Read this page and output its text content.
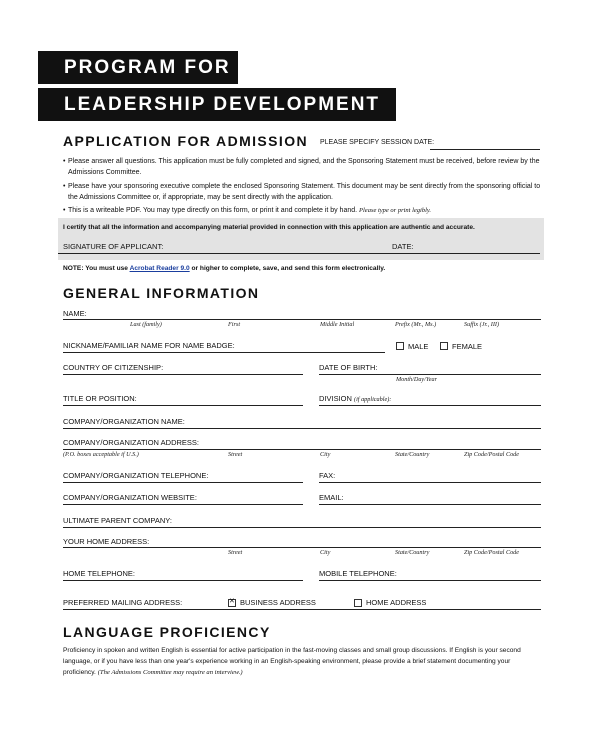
PROGRAM FOR
LEADERSHIP DEVELOPMENT
APPLICATION FOR ADMISSION PLEASE SPECIFY SESSION DATE:
• Please answer all questions. This application must be fully completed and signed, and the Sponsoring Statement must be received, before review by the Admissions Committee.
• Please have your sponsoring executive complete the enclosed Sponsoring Statement. This document may be sent directly from the sponsoring official to the Admissions Committee or, if appropriate, may be sent directly with the application.
• This is a writeable PDF. You may type directly on this form, or print it and complete it by hand. Please type or print legibly.
I certify that all the information and accompanying material provided in connection with this application are authentic and accurate.
SIGNATURE OF APPLICANT:	DATE:
NOTE: You must use Acrobat Reader 9.0 or higher to complete, save, and send this form electronically.
GENERAL INFORMATION
NAME:
Last (family)	First	Middle Initial	Prefix (Mr., Ms.)	Suffix (Jr., III)
NICKNAME/FAMILIAR NAME FOR NAME BADGE:	MALE	FEMALE
COUNTRY OF CITIZENSHIP:	DATE OF BIRTH:
Month/Day/Year
TITLE OR POSITION:	DIVISION (if applicable):
COMPANY/ORGANIZATION NAME:
COMPANY/ORGANIZATION ADDRESS:
(P.O. boxes acceptable if U.S.)	Street	City	State/Country	Zip Code/Postal Code
COMPANY/ORGANIZATION TELEPHONE:	FAX:
COMPANY/ORGANIZATION WEBSITE:	EMAIL:
ULTIMATE PARENT COMPANY:
YOUR HOME ADDRESS:
Street	City	State/Country	Zip Code/Postal Code
HOME TELEPHONE:	MOBILE TELEPHONE:
PREFERRED MAILING ADDRESS:	✕ BUSINESS ADDRESS	HOME ADDRESS
LANGUAGE PROFICIENCY
Proficiency in spoken and written English is essential for active participation in the fast-moving classes and small group discussions. If English is your second language, or if you have less than one year's experience working in an English-speaking environment, please provide a brief statement documenting your proficiency. (The Admissions Committee may require an interview.)
